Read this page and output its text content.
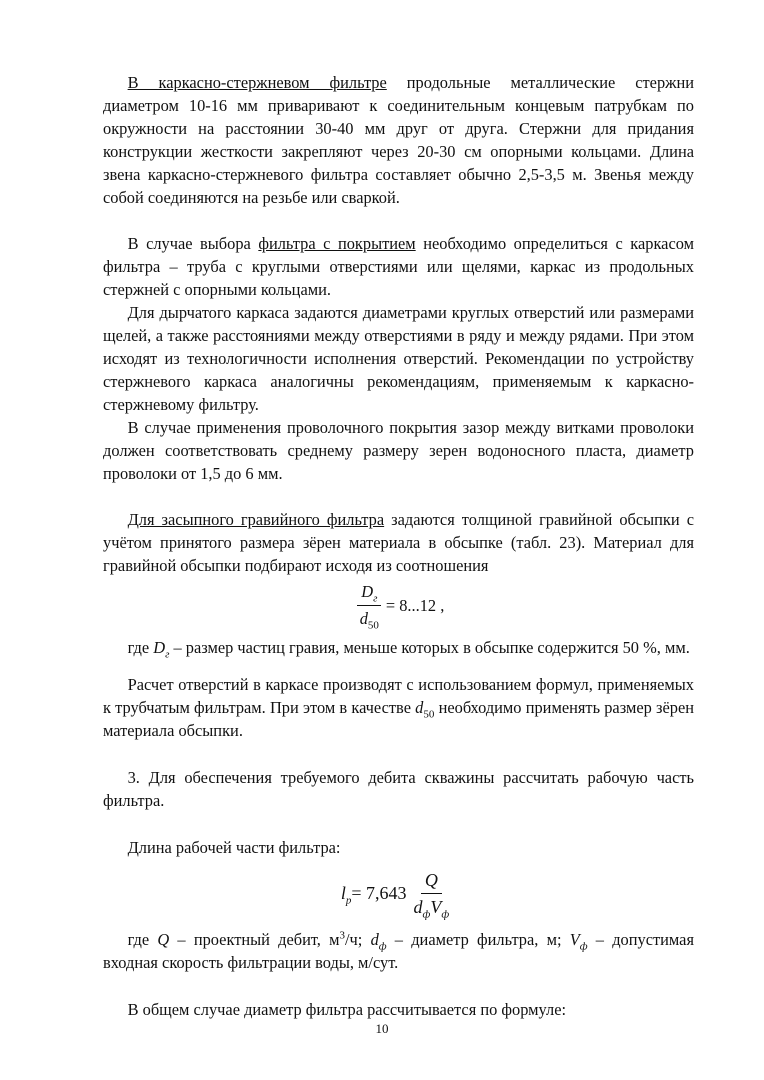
В каркасно-стержневом фильтре продольные металлические стержни диаметром 10-16 мм приваривают к соединительным концевым патрубкам по окружности на расстоянии 30-40 мм друг от друга. Стержни для придания конструкции жесткости закрепляют через 20-30 см опорными кольцами. Длина звена каркасно-стержневого фильтра составляет обычно 2,5-3,5 м. Звенья между собой соединяются на резьбе или сваркой.

В случае выбора фильтра с покрытием необходимо определиться с каркасом фильтра – труба с круглыми отверстиями или щелями, каркас из продольных стержней с опорными кольцами.

Для дырчатого каркаса задаются диаметрами круглых отверстий или размерами щелей, а также расстояниями между отверстиями в ряду и между рядами. При этом исходят из технологичности исполнения отверстий. Рекомендации по устройству стержневого каркаса аналогичны рекомендациям, применяемым к каркасно-стержневому фильтру.

В случае применения проволочного покрытия зазор между витками проволоки должен соответствовать среднему размеру зерен водоносного пласта, диаметр проволоки от 1,5 до 6 мм.

Для засыпного гравийного фильтра задаются толщиной гравийной обсыпки с учётом принятого размера зёрен материала в обсыпке (табл. 23). Материал для гравийной обсыпки подбирают исходя из соотношения

$\frac{D_г}{d_{50}} = 8...12$ ,

где $D_г$ – размер частиц гравия, меньше которых в обсыпке содержится 50 %, мм.

Расчет отверстий в каркасе производят с использованием формул, применяемых к трубчатым фильтрам. При этом в качестве $d_{50}$ необходимо применять размер зёрен материала обсыпки.

3. Для обеспечения требуемого дебита скважины рассчитать рабочую часть фильтра.

Длина рабочей части фильтра:

$l_р = 7,643 \frac{Q}{d_фV_ф}$

где Q – проектный дебит, $м^3/ч$; $d_ф$ – диаметр фильтра, м; $V_ф$ – допустимая входная скорость фильтрации воды, м/сут.

В общем случае диаметр фильтра рассчитывается по формуле:

10
